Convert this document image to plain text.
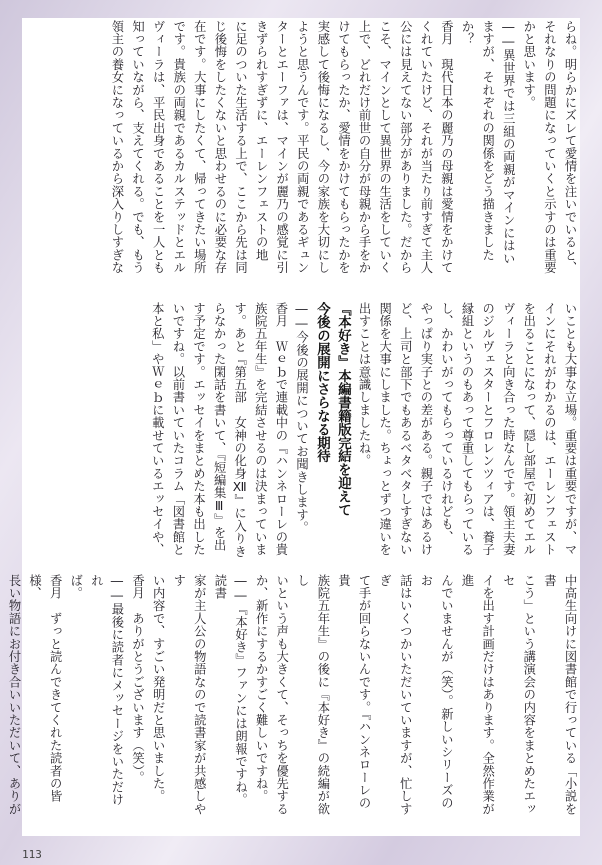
らね。明らかにズレて愛情を注いでいると、
それなりの問題になっていくと示すのは重要
かと思います。
――異世界では三組の両親がマインにはい
ますが、それぞれの関係をどう描きました
か？
香月　現代日本の麗乃の母親は愛情をかけて
くれていたけど、それが当たり前すぎて主人
公には見えてない部分がありました。だから
こそ、マインとして異世界の生活をしていく
上で、どれだけ前世の自分が母親から手をか
けてもらったか、愛情をかけてもらったかを
実感して後悔になるし、今の家族を大切にし
ようと思うんです。平民の両親であるギュン
ターとエーファは、マインが麗乃の感覚に引
きずられすぎずに、エーレンフェストの地
に足のついた生活する上で、ここから先は同
じ後悔をしたくないと思わせるのに必要な存
在です。大事にしたくて、帰ってきたい場所
です。貴族の両親であるカルステッドとエル
ヴィーラは、平民出身であることを一人とも
知っていながら、支えてくれる。でも、もう
領主の養女になっているから深入りしすぎな
いことも大事な立場。重要は重要ですが、マ
インにそれがわかるのは、エーレンフェスト
を出ることになって、隠し部屋で初めてエル
ヴィーラと向き合った時なんです。領主夫妻
のジルヴェスターとフロレンツィアは、養子
縁組というのもあって尊重してもらっている
し、かわいがってもらっているけれども、
やっぱり実子との差がある。親子ではあるけ
ど、上司と部下でもあるベタベタしすぎない
関係を大事にしました。ちょっとずつ違いを
出すことは意識しましたね。
『本好き』本編書籍版完結を迎えて
今後の展開にさらなる期待
――今後の展開についてお聞きします。
香月　Ｗｅｂで連載中の『ハンネローレの貴
族院五年生』を完結させるのは決まっていま
す。あと『第五部　女神の化身Ⅻ』に入りき
らなかった閑話を書いて、『短編集Ⅲ』を出
す予定です。エッセイをまとめた本も出した
いですね。以前書いていたコラム「図書館と
本と私」やＷｅｂに載せているエッセイや、
中高生向けに図書館で行っている「小説を書
こう」という講演会の内容をまとめたエッセ
イを出す計画だけはあります。全然作業が進
んでいませんが（笑）。新しいシリーズのお
話はいくつかいただいていますが、忙しすぎ
て手が回らないんです。『ハンネローレの貴
族院五年生』の後に『本好き』の続編が欲し
いという声も大きくて、そっちを優先する
か、新作にするかすごく難しいですね。
――『本好き』ファンには朗報ですね。読書
家が主人公の物語なので読書家が共感しやす
い内容で、すごい発明だと思いました。
香月　ありがとうございます（笑）。
――最後に読者にメッセージをいただけれ
ば。
香月　ずっと読んできてくれた読者の皆様、
長い物語にお付き合いいただいて、ありが
113
